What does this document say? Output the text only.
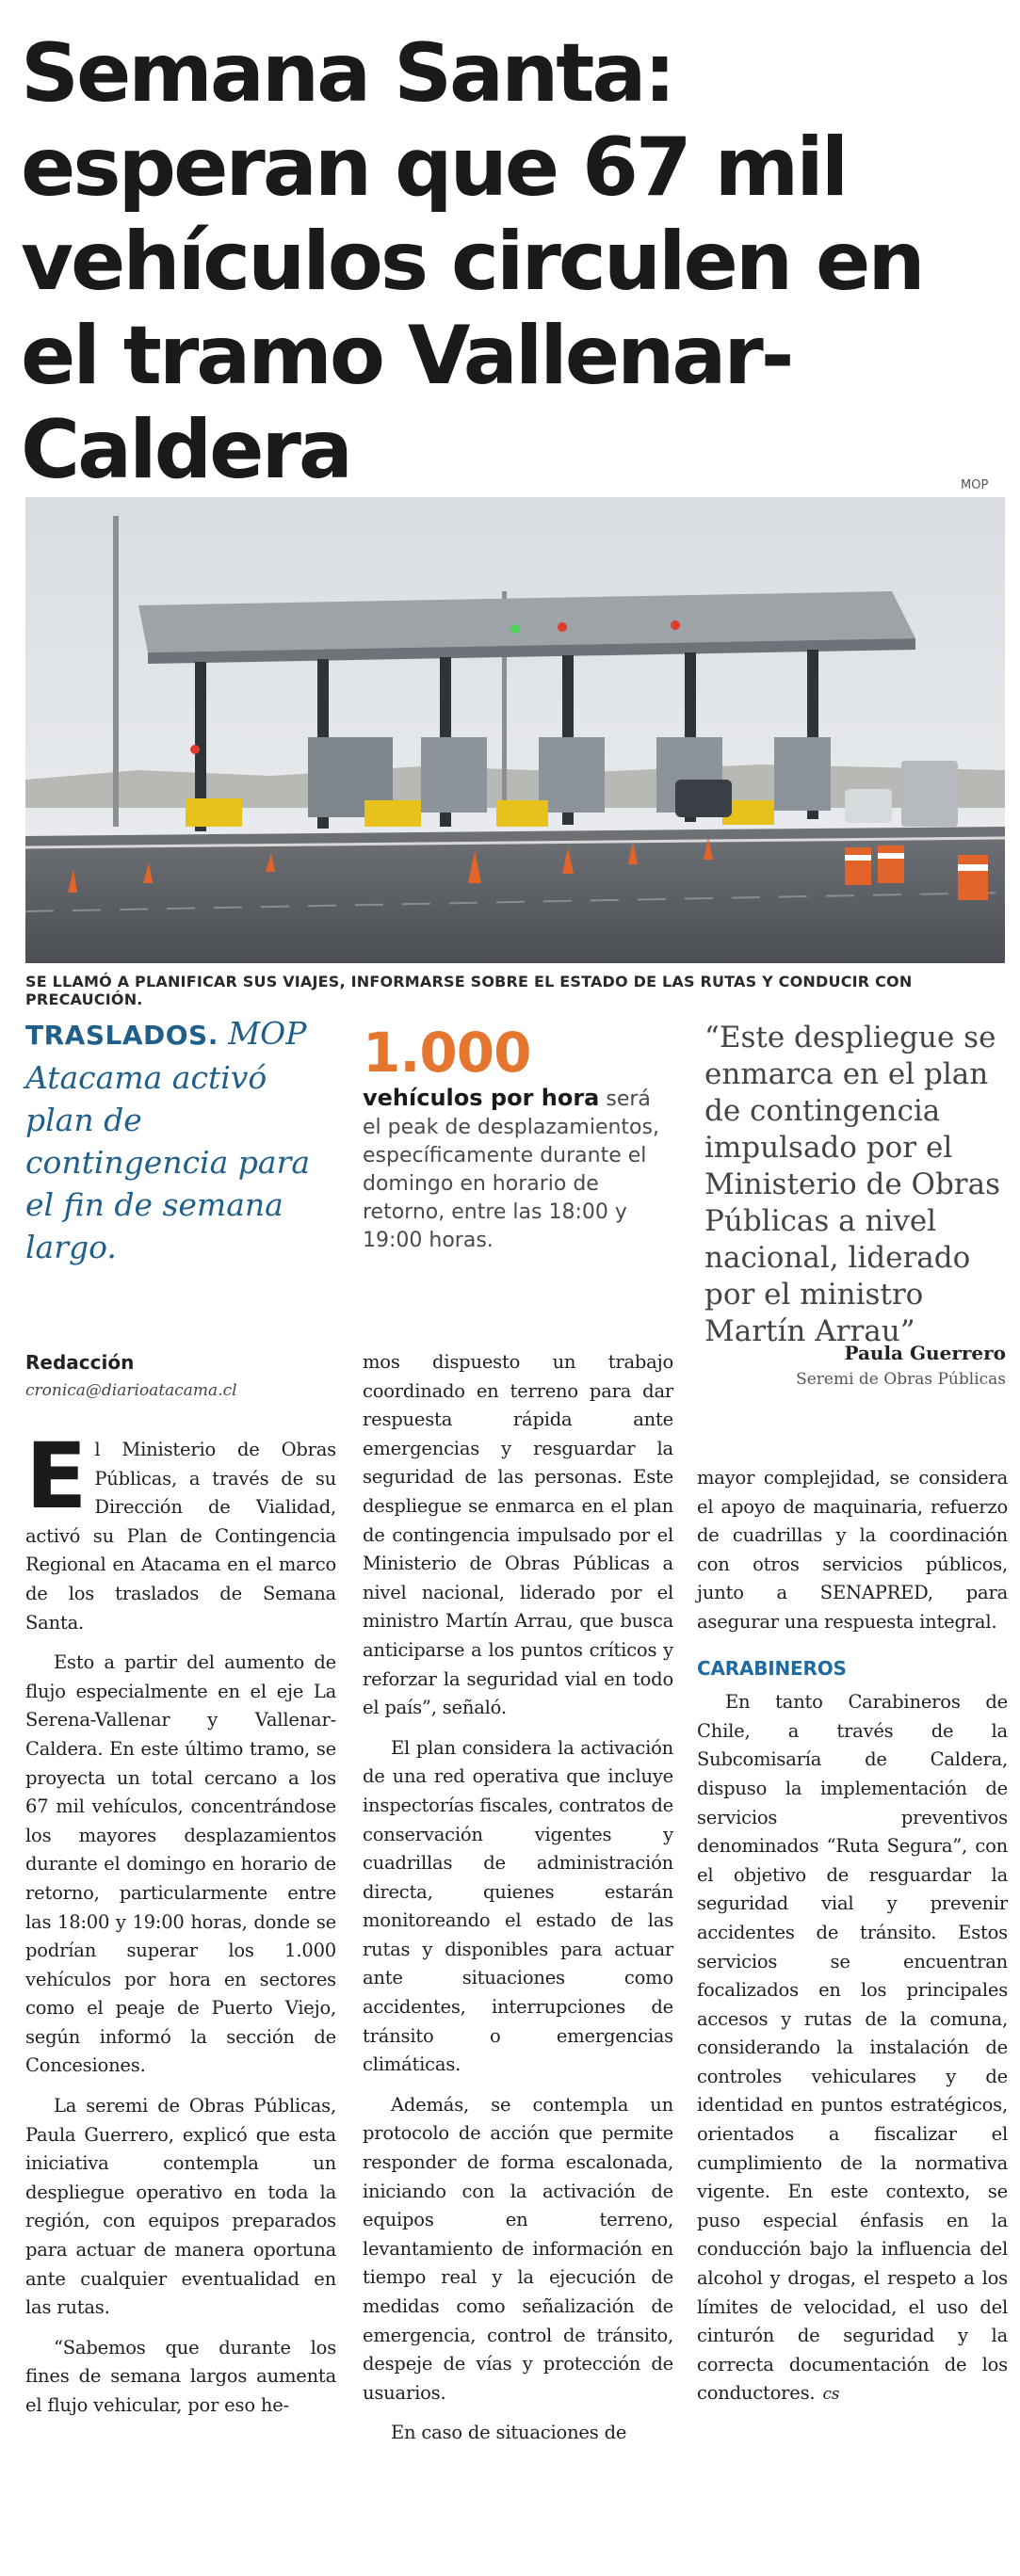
Semana Santa: esperan que 67 mil vehículos circulen en el tramo Vallenar-Caldera	MOP
SE LLAMÓ A PLANIFICAR SUS VIAJES, INFORMARSE SOBRE EL ESTADO DE LAS RUTAS Y CONDUCIR CON PRECAUCIÓN.
TRASLADOS. MOP Atacama activó plan de contingencia para el fin de semana largo.
1.000
vehículos por hora será el peak de desplazamientos, específicamente durante el domingo en horario de retorno, entre las 18:00 y 19:00 horas.
“Este despliegue se enmarca en el plan de contingencia impulsado por el Ministerio de Obras Públicas a nivel nacional, liderado por el ministro Martín Arrau”
Paula Guerrero
Seremi de Obras Públicas
Redacción
cronica@diarioatacama.cl

El Ministerio de Obras Públicas, a través de su Dirección de Vialidad, activó su Plan de Contingencia Regional en Atacama en el marco de los traslados de Semana Santa.

Esto a partir del aumento de flujo especialmente en el eje La Serena-Vallenar y Vallenar-Caldera. En este último tramo, se proyecta un total cercano a los 67 mil vehículos, concentrándose los mayores desplazamientos durante el domingo en horario de retorno, particularmente entre las 18:00 y 19:00 horas, donde se podrían superar los 1.000 vehículos por hora en sectores como el peaje de Puerto Viejo, según informó la sección de Concesiones.

La seremi de Obras Públicas, Paula Guerrero, explicó que esta iniciativa contempla un despliegue operativo en toda la región, con equipos preparados para actuar de manera oportuna ante cualquier eventualidad en las rutas.

“Sabemos que durante los fines de semana largos aumenta el flujo vehicular, por eso he-

mos dispuesto un trabajo coordinado en terreno para dar respuesta rápida ante emergencias y resguardar la seguridad de las personas. Este despliegue se enmarca en el plan de contingencia impulsado por el Ministerio de Obras Públicas a nivel nacional, liderado por el ministro Martín Arrau, que busca anticiparse a los puntos críticos y reforzar la seguridad vial en todo el país”, señaló.

El plan considera la activación de una red operativa que incluye inspectorías fiscales, contratos de conservación vigentes y cuadrillas de administración directa, quienes estarán monitoreando el estado de las rutas y disponibles para actuar ante situaciones como accidentes, interrupciones de tránsito o emergencias climáticas.

Además, se contempla un protocolo de acción que permite responder de forma escalonada, iniciando con la activación de equipos en terreno, levantamiento de información en tiempo real y la ejecución de medidas como señalización de emergencia, control de tránsito, despeje de vías y protección de usuarios.

En caso de situaciones de

mayor complejidad, se considera el apoyo de maquinaria, refuerzo de cuadrillas y la coordinación con otros servicios públicos, junto a SENAPRED, para asegurar una respuesta integral.

CARABINEROS

En tanto Carabineros de Chile, a través de la Subcomisaría de Caldera, dispuso la implementación de servicios preventivos denominados “Ruta Segura”, con el objetivo de resguardar la seguridad vial y prevenir accidentes de tránsito. Estos servicios se encuentran focalizados en los principales accesos y rutas de la comuna, considerando la instalación de controles vehiculares y de identidad en puntos estratégicos, orientados a fiscalizar el cumplimiento de la normativa vigente. En este contexto, se puso especial énfasis en la conducción bajo la influencia del alcohol y drogas, el respeto a los límites de velocidad, el uso del cinturón de seguridad y la correcta documentación de los conductores. cs
